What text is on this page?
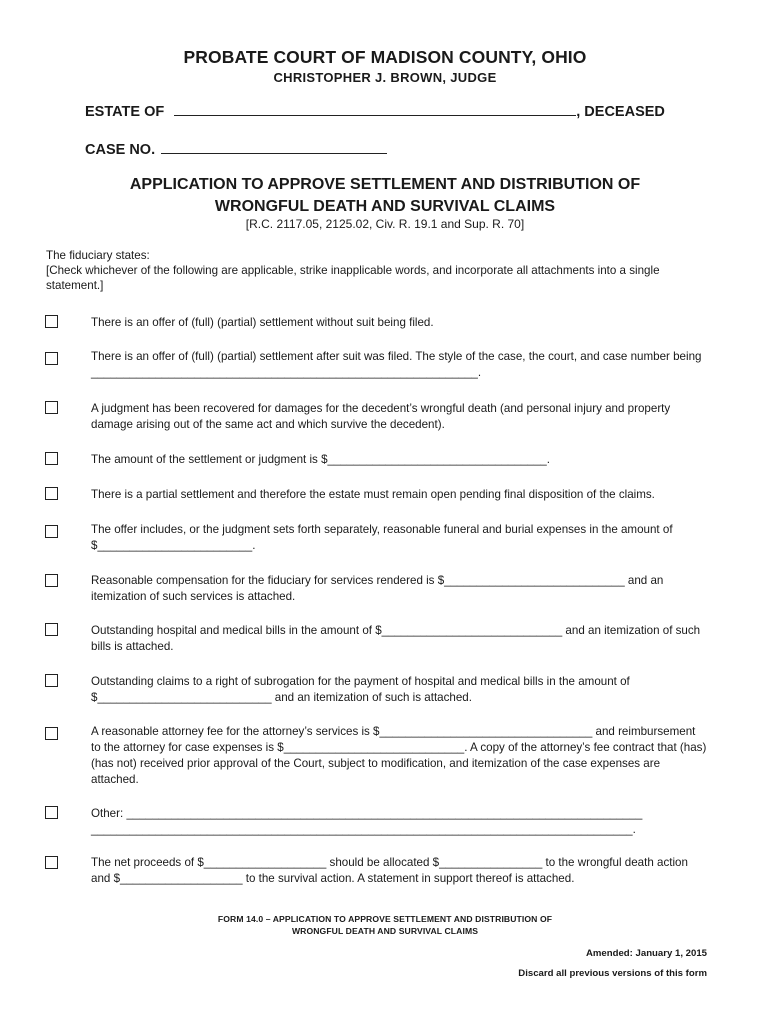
PROBATE COURT OF MADISON COUNTY, OHIO
CHRISTOPHER J. BROWN, JUDGE
ESTATE OF	, DECEASED
CASE NO.
APPLICATION TO APPROVE SETTLEMENT AND DISTRIBUTION OF
WRONGFUL DEATH AND SURVIVAL CLAIMS
[R.C. 2117.05, 2125.02, Civ. R. 19.1 and Sup. R. 70]
The fiduciary states:
[Check whichever of the following are applicable, strike inapplicable words, and incorporate all attachments into a single statement.]
There is an offer of (full) (partial) settlement without suit being filed.
There is an offer of (full) (partial) settlement after suit was filed. The style of the case, the court, and case number being ____________________________________________________________.
A judgment has been recovered for damages for the decedent’s wrongful death (and personal injury and property damage arising out of the same act and which survive the decedent).
The amount of the settlement or judgment is $__________________________________.
There is a partial settlement and therefore the estate must remain open pending final disposition of the claims.
The offer includes, or the judgment sets forth separately, reasonable funeral and burial expenses in the amount of $________________________.
Reasonable compensation for the fiduciary for services rendered is $____________________________ and an itemization of such services is attached.
Outstanding hospital and medical bills in the amount of $____________________________ and an itemization of such bills is attached.
Outstanding claims to a right of subrogation for the payment of hospital and medical bills in the amount of $___________________________ and an itemization of such is attached.
A reasonable attorney fee for the attorney’s services is $_________________________________ and reimbursement to the attorney for case expenses is $____________________________. A copy of the attorney’s fee contract that (has) (has not) received prior approval of the Court, subject to modification, and itemization of the case expenses are attached.
Other: ________________________________________________________________________________ ____________________________________________________________________________________.
The net proceeds of $___________________ should be allocated $________________ to the wrongful death action and $___________________ to the survival action. A statement in support thereof is attached.
FORM 14.0 – APPLICATION TO APPROVE SETTLEMENT AND DISTRIBUTION OF
WRONGFUL DEATH AND SURVIVAL CLAIMS
Amended: January 1, 2015
Discard all previous versions of this form
